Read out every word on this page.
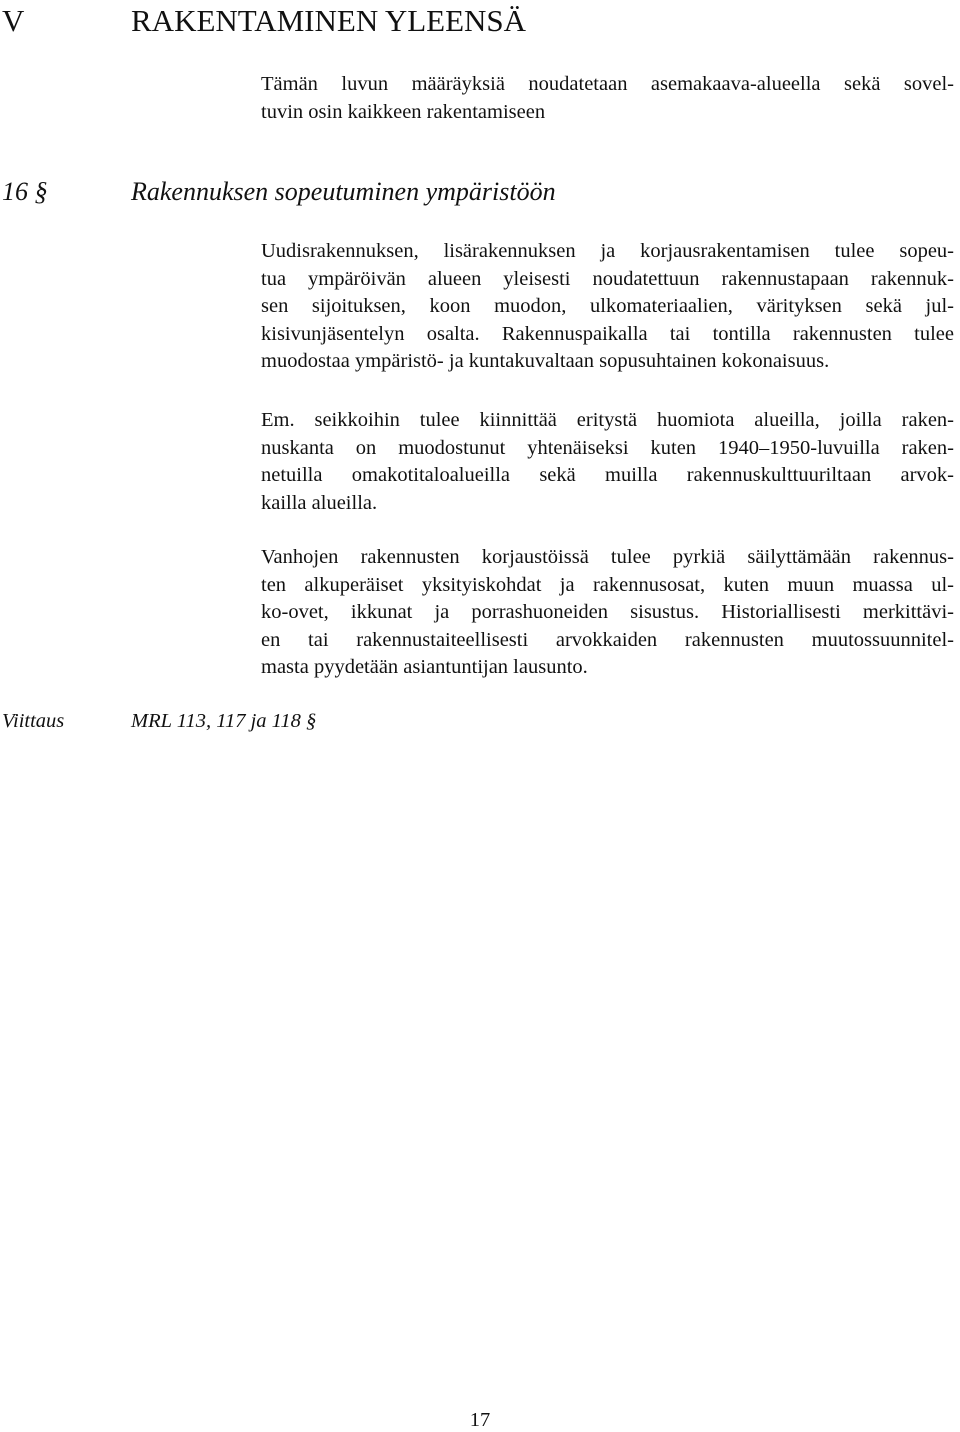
V	RAKENTAMINEN YLEENSÄ
Tämän luvun määräyksiä noudatetaan asemakaava-alueella sekä sovel-
tuvin osin kaikkeen rakentamiseen
16 §	Rakennuksen sopeutuminen ympäristöön
Uudisrakennuksen, lisärakennuksen ja korjausrakentamisen tulee sopeu-
tua ympäröivän alueen yleisesti noudatettuun rakennustapaan rakennuk-
sen sijoituksen, koon muodon, ulkomateriaalien, värityksen sekä jul-
kisivunjäsentelyn osalta. Rakennuspaikalla tai tontilla rakennusten tulee
muodostaa ympäristö- ja kuntakuvaltaan sopusuhtainen kokonaisuus.
Em. seikkoihin tulee kiinnittää eritystä huomiota alueilla, joilla raken-
nuskanta on muodostunut yhtenäiseksi kuten 1940–1950-luvuilla raken-
netuilla omakotitaloalueilla sekä muilla rakennuskulttuuriltaan arvok-
kailla alueilla.
Vanhojen rakennusten korjaustöissä tulee pyrkiä säilyttämään rakennus-
ten alkuperäiset yksityiskohdat ja rakennusosat, kuten muun muassa ul-
ko-ovet, ikkunat ja porrashuoneiden sisustus. Historiallisesti merkittävi-
en tai rakennustaiteellisesti arvokkaiden rakennusten muutossuunnitel-
masta pyydetään asiantuntijan lausunto.
Viittaus	MRL 113, 117 ja 118 §
17
